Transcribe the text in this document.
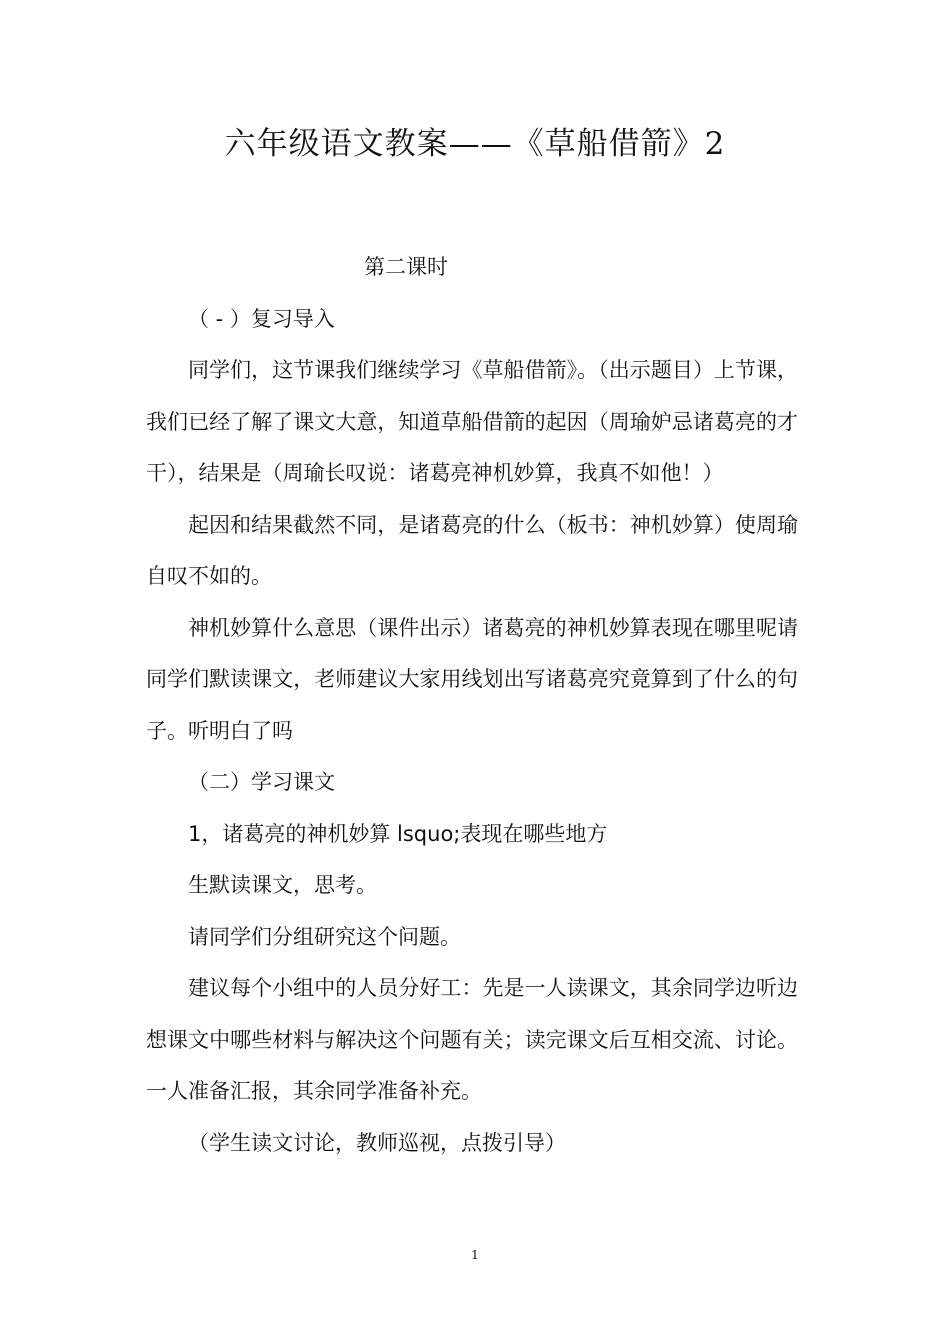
六年级语文教案——《草船借箭》2

第二课时

（ - ）复习导入

同学们，这节课我们继续学习《草船借箭》。（出示题目）上节课，我们已经了解了课文大意，知道草船借箭的起因（周瑜妒忌诸葛亮的才干），结果是（周瑜长叹说：诸葛亮神机妙算，我真不如他！）

起因和结果截然不同，是诸葛亮的什么（板书：神机妙算）使周瑜自叹不如的。

神机妙算什么意思（课件出示）诸葛亮的神机妙算表现在哪里呢请同学们默读课文，老师建议大家用线划出写诸葛亮究竟算到了什么的句子。听明白了吗

（二）学习课文

1，诸葛亮的神机妙算 lsquo;表现在哪些地方

生默读课文，思考。

请同学们分组研究这个问题。

建议每个小组中的人员分好工：先是一人读课文，其余同学边听边想课文中哪些材料与解决这个问题有关；读完课文后互相交流、讨论。一人准备汇报，其余同学准备补充。

（学生读文讨论，教师巡视，点拨引导）

1
